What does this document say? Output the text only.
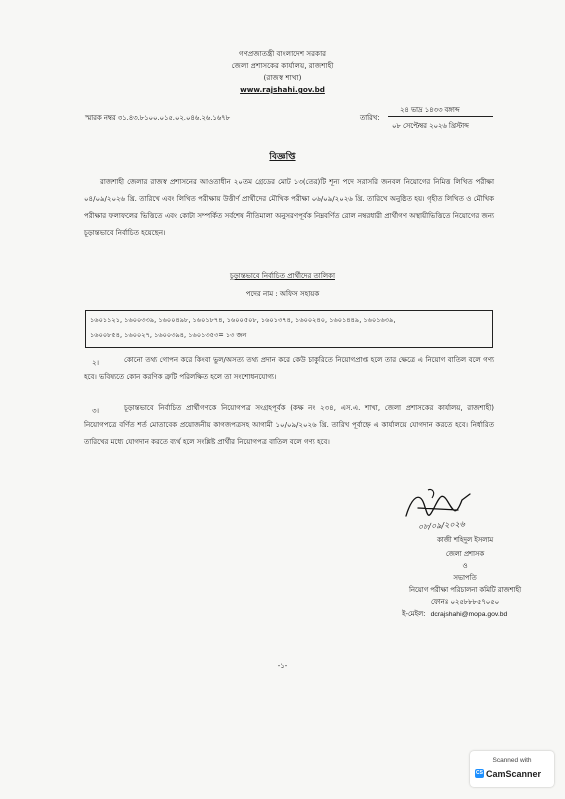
গণপ্রজাতন্ত্রী বাংলাদেশ সরকার
জেলা প্রশাসকের কার্যালয়, রাজশাহী
(রাজস্ব শাখা)
www.rajshahi.gov.bd
স্মারক নম্বর ৩১.৪৩.৮১০০.০১৫.০২.০৪৬.২৬.১৬৭৮	তারিখ:
২৪ ভাদ্র ১৪৩৩ বঙ্গাব্দ
০৮ সেপ্টেম্বর ২০২৬ খ্রিস্টাব্দ
বিজ্ঞপ্তি
রাজশাহী জেলার রাজস্ব প্রশাসনের আওতাধীন ২০তম গ্রেডের মোট ১৩(তের)টি শূন্য পদে সরাসরি জনবল নিয়োগের নিমিত্ত লিখিত পরীক্ষা ০৪/০৯/২০২৬ খ্রি. তারিখে এবং লিখিত পরীক্ষায় উত্তীর্ণ প্রার্থীদের মৌখিক পরীক্ষা ০৬/০৯/২০২৬ খ্রি. তারিখে অনুষ্ঠিত হয়। গৃহীত লিখিত ও মৌখিক পরীক্ষার ফলাফলের ভিত্তিতে এবং কোটা সম্পর্কিত সর্বশেষ নীতিমালা অনুসরণপূর্বক নিম্নবর্ণিত রোল নম্বরধারী প্রার্থীগণ অস্থায়ীভিত্তিতে নিয়োগের জন্য চূড়ান্তভাবে নির্বাচিত হয়েছেন।
চূড়ান্তভাবে নির্বাচিত প্রার্থীদের তালিকা
পদের নাম : অফিস সহায়ক
১৬০১১২১, ১৬০০৩৩৯, ১৬০০৪৯৮, ১৬০১৮৭৪, ১৬০০৫০৮, ১৬০১৩৭৪, ১৬০০২৪০, ১৬০১৪৪৯, ১৬০১৬৩৯,
১৬০০৮৫৪, ১৬০০২৭, ১৬০০৩৯৪, ১৬০১৩৫৩= ১৩ জন
২।	কোনো তথ্য গোপন করে কিংবা ভুল/অসত্য তথ্য প্রদান করে কেউ চাকুরিতে নিয়োগপ্রাপ্ত হলে তার ক্ষেত্রে এ নিয়োগ বাতিল বলে গণ্য হবে। ভবিষ্যতে কোন করণিক ত্রুটি পরিলক্ষিত হলে তা সংশোধনযোগ্য।
৩।	চূড়ান্তভাবে নির্বাচিত প্রার্থীগণকে নিয়োগপত্র সংগ্রহপূর্বক (কক্ষ নং ২৩৪, এস.এ. শাখা, জেলা প্রশাসকের কার্যালয়, রাজশাহী) নিয়োগপত্রে বর্ণিত শর্ত মোতাবেক প্রয়োজনীয় কাগজপত্রসহ আগামী ১০/০৯/২০২৬ খ্রি. তারিখ পূর্বাহ্নে এ কার্যালয়ে যোগদান করতে হবে। নির্ধারিত তারিখের মধ্যে যোগদান করতে ব্যর্থ হলে সংশ্লিষ্ট প্রার্থীর নিয়োগপত্র বাতিল বলে গণ্য হবে।
০৮/০৯/২০২৬
কাজী শহিদুল ইসলাম
জেলা প্রশাসক
ও
সভাপতি
নিয়োগ পরীক্ষা পরিচালনা কমিটি রাজশাহী
ফোনঃ ০২৫৮৮৮৫৭০৫০
ই-মেইল: dcrajshahi@mopa.gov.bd
-১-
Scanned with
CS CamScanner
